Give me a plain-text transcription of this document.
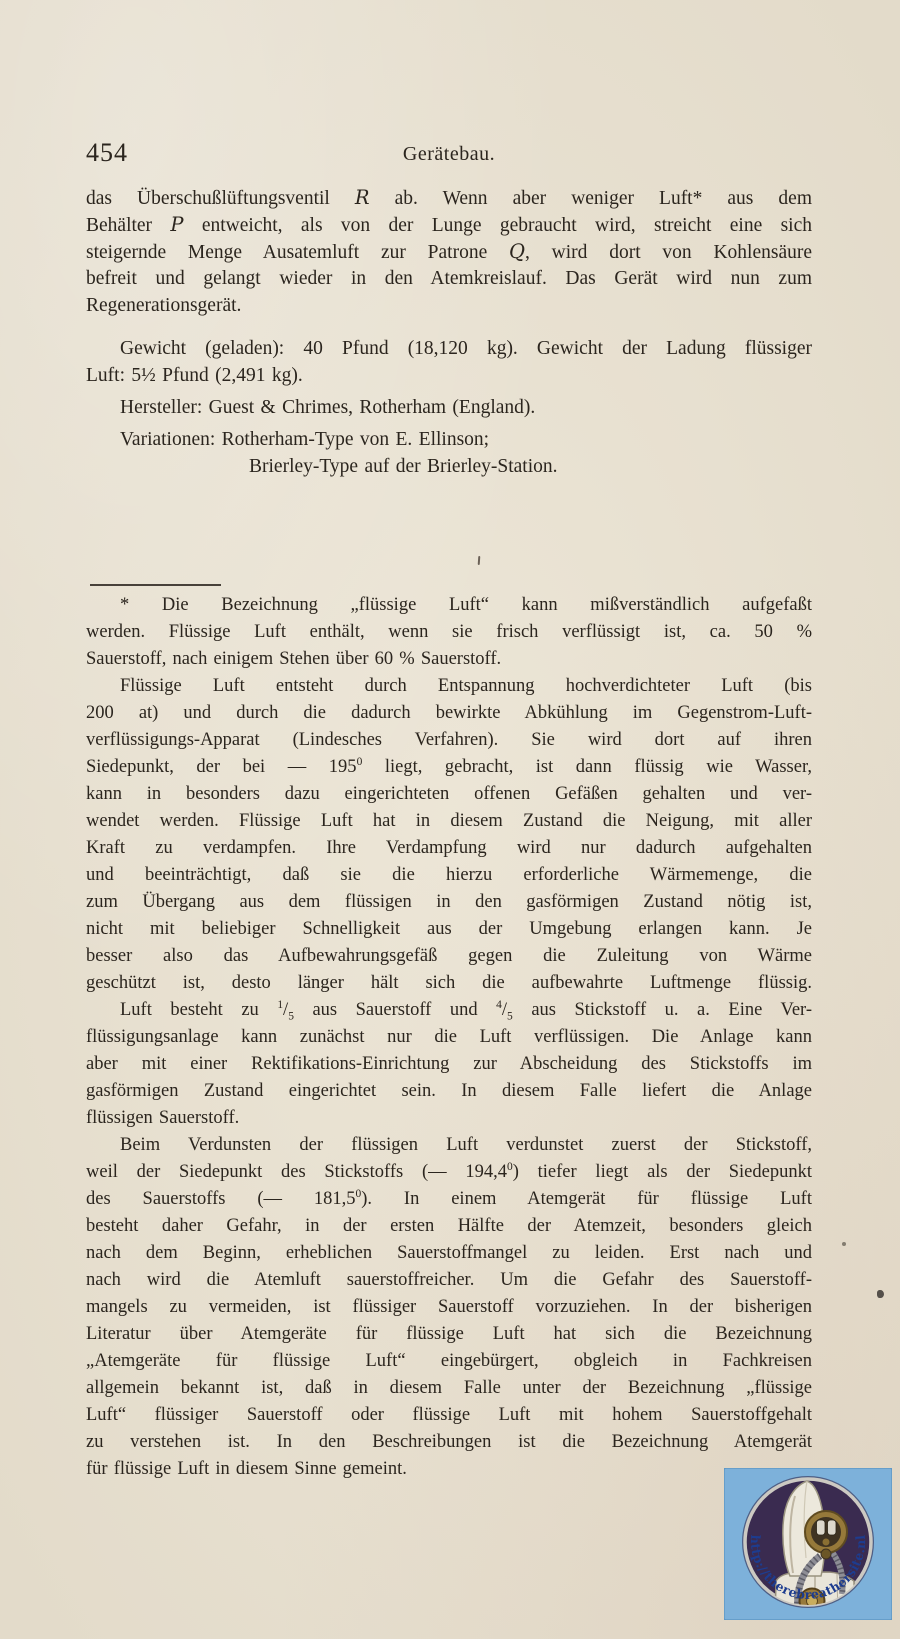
454	Gerätebau.
das Überschußlüftungsventil R ab. Wenn aber weniger Luft* aus dem
Behälter P entweicht, als von der Lunge gebraucht wird, streicht eine sich
steigernde Menge Ausatemluft zur Patrone Q, wird dort von Kohlensäure
befreit und gelangt wieder in den Atemkreislauf. Das Gerät wird nun zum
Regenerationsgerät.
Gewicht (geladen): 40 Pfund (18,120 kg). Gewicht der Ladung flüssiger
Luft: 5½ Pfund (2,491 kg).
Hersteller: Guest & Chrimes, Rotherham (England).
Variationen: Rotherham-Type von E. Ellinson;
Brierley-Type auf der Brierley-Station.
* Die Bezeichnung „flüssige Luft“ kann mißverständlich aufgefaßt
werden. Flüssige Luft enthält, wenn sie frisch verflüssigt ist, ca. 50 %
Sauerstoff, nach einigem Stehen über 60 % Sauerstoff.
Flüssige Luft entsteht durch Entspannung hochverdichteter Luft (bis
200 at) und durch die dadurch bewirkte Abkühlung im Gegenstrom-Luft-
verflüssigungs-Apparat (Lindesches Verfahren). Sie wird dort auf ihren
Siedepunkt, der bei — $195^0$ liegt, gebracht, ist dann flüssig wie Wasser,
kann in besonders dazu eingerichteten offenen Gefäßen gehalten und ver-
wendet werden. Flüssige Luft hat in diesem Zustand die Neigung, mit aller
Kraft zu verdampfen. Ihre Verdampfung wird nur dadurch aufgehalten
und beeinträchtigt, daß sie die hierzu erforderliche Wärmemenge, die
zum Übergang aus dem flüssigen in den gasförmigen Zustand nötig ist,
nicht mit beliebiger Schnelligkeit aus der Umgebung erlangen kann. Je
besser also das Aufbewahrungsgefäß gegen die Zuleitung von Wärme
geschützt ist, desto länger hält sich die aufbewahrte Luftmenge flüssig.
Luft besteht zu $^1/_5$ aus Sauerstoff und $^4/_5$ aus Stickstoff u. a. Eine Ver-
flüssigungsanlage kann zunächst nur die Luft verflüssigen. Die Anlage kann
aber mit einer Rektifikations-Einrichtung zur Abscheidung des Stickstoffs im
gasförmigen Zustand eingerichtet sein. In diesem Falle liefert die Anlage
flüssigen Sauerstoff.
Beim Verdunsten der flüssigen Luft verdunstet zuerst der Stickstoff,
weil der Siedepunkt des Stickstoffs (— 194,4$^0$) tiefer liegt als der Siedepunkt
des Sauerstoffs (— 181,5$^0$). In einem Atemgerät für flüssige Luft
besteht daher Gefahr, in der ersten Hälfte der Atemzeit, besonders gleich
nach dem Beginn, erheblichen Sauerstoffmangel zu leiden. Erst nach und
nach wird die Atemluft sauerstoffreicher. Um die Gefahr des Sauerstoff-
mangels zu vermeiden, ist flüssiger Sauerstoff vorzuziehen. In der bisherigen
Literatur über Atemgeräte für flüssige Luft hat sich die Bezeichnung
„Atemgeräte für flüssige Luft“ eingebürgert, obgleich in Fachkreisen
allgemein bekannt ist, daß in diesem Falle unter der Bezeichnung „flüssige
Luft“ flüssiger Sauerstoff oder flüssige Luft mit hohem Sauerstoffgehalt
zu verstehen ist. In den Beschreibungen ist die Bezeichnung Atemgerät
für flüssige Luft in diesem Sinne gemeint.
http://therebreathersite.nl
